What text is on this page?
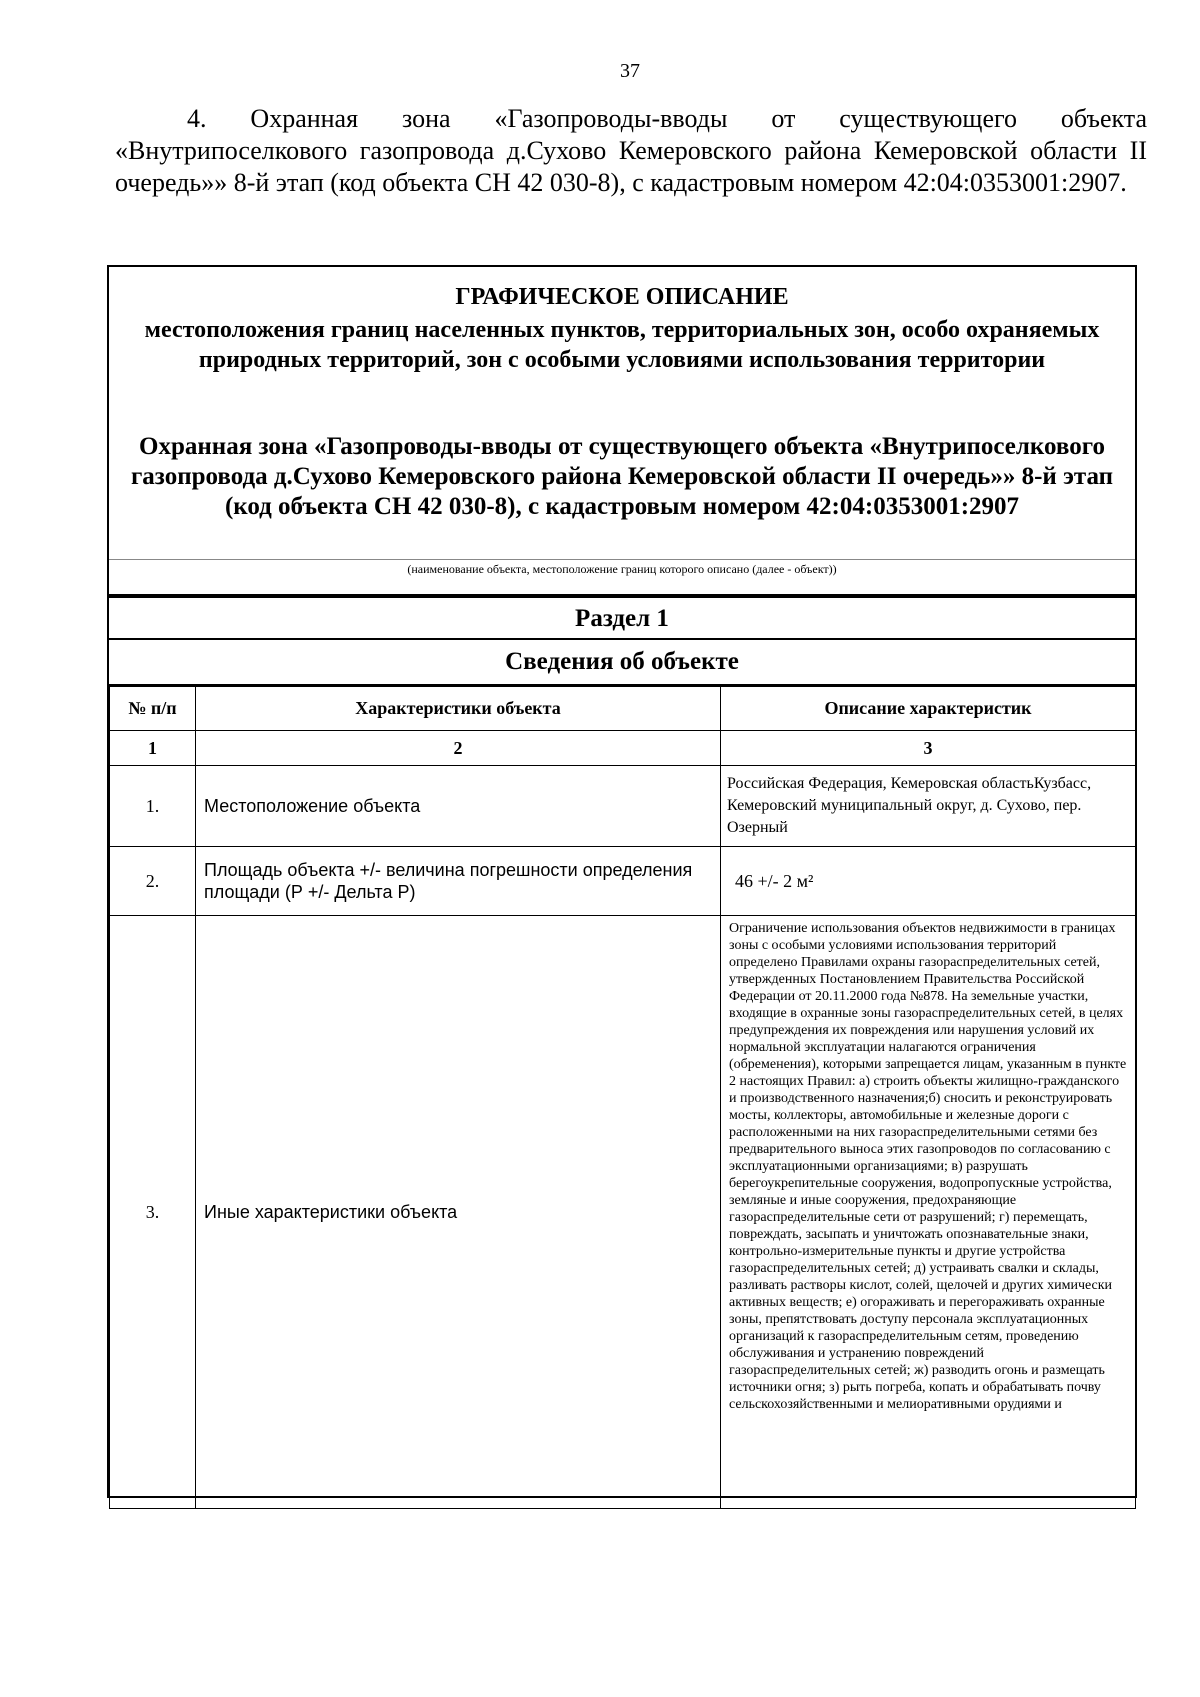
37
4. Охранная зона «Газопроводы-вводы от существующего объекта «Внутрипоселкового газопровода д.Сухово Кемеровского района Кемеровской области II очередь»» 8-й этап (код объекта СН 42 030-8), с кадастровым номером 42:04:0353001:2907.
ГРАФИЧЕСКОЕ ОПИСАНИЕ
местоположения границ населенных пунктов, территориальных зон, особо охраняемых природных территорий, зон с особыми условиями использования территории
Охранная зона «Газопроводы-вводы от существующего объекта «Внутрипоселкового газопровода д.Сухово Кемеровского района Кемеровской области II очередь»» 8-й этап (код объекта СН 42 030-8), с кадастровым номером 42:04:0353001:2907
(наименование объекта, местоположение границ которого описано (далее - объект))
Раздел 1
Сведения об объекте
№ п/п	Характеристики объекта	Описание характеристик
1	2	3
1.	Местоположение объекта	Российская Федерация, Кемеровская областьКузбасс, Кемеровский муниципальный округ, д. Сухово, пер. Озерный
2.	Площадь объекта +/- величина погрешности определения площади (Р +/- Дельта Р)	46 +/- 2 м²
3.	Иные характеристики объекта	Ограничение использования объектов недвижимости в границах зоны с особыми условиями использования территорий определено Правилами охраны газораспределительных сетей, утвержденных Постановлением Правительства Российской Федерации от 20.11.2000 года №878. На земельные участки, входящие в охранные зоны газораспределительных сетей, в целях предупреждения их повреждения или нарушения условий их нормальной эксплуатации налагаются ограничения (обременения), которыми запрещается лицам, указанным в пункте 2 настоящих Правил: а) строить объекты жилищно-гражданского и производственного назначения;б) сносить и реконструировать мосты, коллекторы, автомобильные и железные дороги с расположенными на них газораспределительными сетями без предварительного выноса этих газопроводов по согласованию с эксплуатационными организациями; в) разрушать берегоукрепительные сооружения, водопропускные устройства, земляные и иные сооружения, предохраняющие газораспределительные сети от разрушений; г) перемещать, повреждать, засыпать и уничтожать опознавательные знаки, контрольно-измерительные пункты и другие устройства газораспределительных сетей; д) устраивать свалки и склады, разливать растворы кислот, солей, щелочей и других химически активных веществ; е) огораживать и перегораживать охранные зоны, препятствовать доступу персонала эксплуатационных организаций к газораспределительным сетям, проведению обслуживания и устранению повреждений газораспределительных сетей; ж) разводить огонь и размещать источники огня; з) рыть погреба, копать и обрабатывать почву сельскохозяйственными и мелиоративными орудиями и
